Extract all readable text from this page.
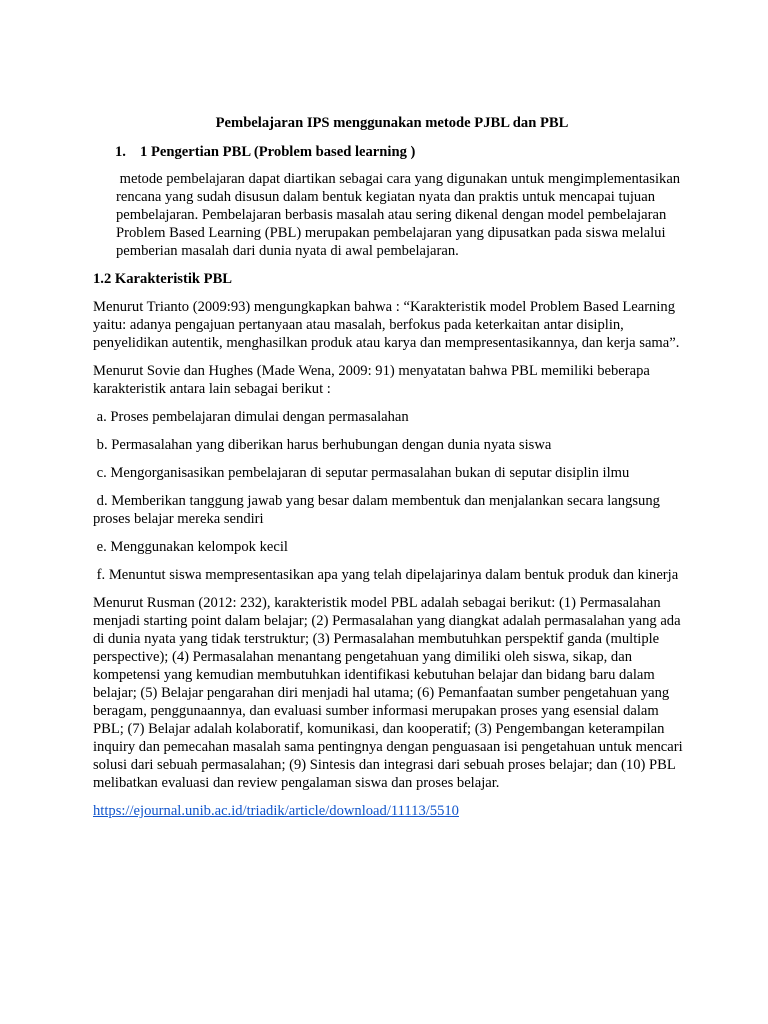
Pembelajaran IPS menggunakan metode PJBL dan PBL
1. 1 Pengertian PBL (Problem based learning )

metode pembelajaran dapat diartikan sebagai cara yang digunakan untuk mengimplementasikan rencana yang sudah disusun dalam bentuk kegiatan nyata dan praktis untuk mencapai tujuan pembelajaran. Pembelajaran berbasis masalah atau sering dikenal dengan model pembelajaran Problem Based Learning (PBL) merupakan pembelajaran yang dipusatkan pada siswa melalui pemberian masalah dari dunia nyata di awal pembelajaran.

1.2 Karakteristik PBL

Menurut Trianto (2009:93) mengungkapkan bahwa : “Karakteristik model Problem Based Learning yaitu: adanya pengajuan pertanyaan atau masalah, berfokus pada keterkaitan antar disiplin, penyelidikan autentik, menghasilkan produk atau karya dan mempresentasikannya, dan kerja sama”.

Menurut Sovie dan Hughes (Made Wena, 2009: 91) menyatatan bahwa PBL memiliki beberapa karakteristik antara lain sebagai berikut :

a. Proses pembelajaran dimulai dengan permasalahan

b. Permasalahan yang diberikan harus berhubungan dengan dunia nyata siswa

c. Mengorganisasikan pembelajaran di seputar permasalahan bukan di seputar disiplin ilmu

d. Memberikan tanggung jawab yang besar dalam membentuk dan menjalankan secara langsung proses belajar mereka sendiri

e. Menggunakan kelompok kecil

f. Menuntut siswa mempresentasikan apa yang telah dipelajarinya dalam bentuk produk dan kinerja

Menurut Rusman (2012: 232), karakteristik model PBL adalah sebagai berikut: (1) Permasalahan menjadi starting point dalam belajar; (2) Permasalahan yang diangkat adalah permasalahan yang ada di dunia nyata yang tidak terstruktur; (3) Permasalahan membutuhkan perspektif ganda (multiple perspective); (4) Permasalahan menantang pengetahuan yang dimiliki oleh siswa, sikap, dan kompetensi yang kemudian membutuhkan identifikasi kebutuhan belajar dan bidang baru dalam belajar; (5) Belajar pengarahan diri menjadi hal utama; (6) Pemanfaatan sumber pengetahuan yang beragam, penggunaannya, dan evaluasi sumber informasi merupakan proses yang esensial dalam PBL; (7) Belajar adalah kolaboratif, komunikasi, dan kooperatif; (3) Pengembangan keterampilan inquiry dan pemecahan masalah sama pentingnya dengan penguasaan isi pengetahuan untuk mencari solusi dari sebuah permasalahan; (9) Sintesis dan integrasi dari sebuah proses belajar; dan (10) PBL melibatkan evaluasi dan review pengalaman siswa dan proses belajar.

https://ejournal.unib.ac.id/triadik/article/download/11113/5510
